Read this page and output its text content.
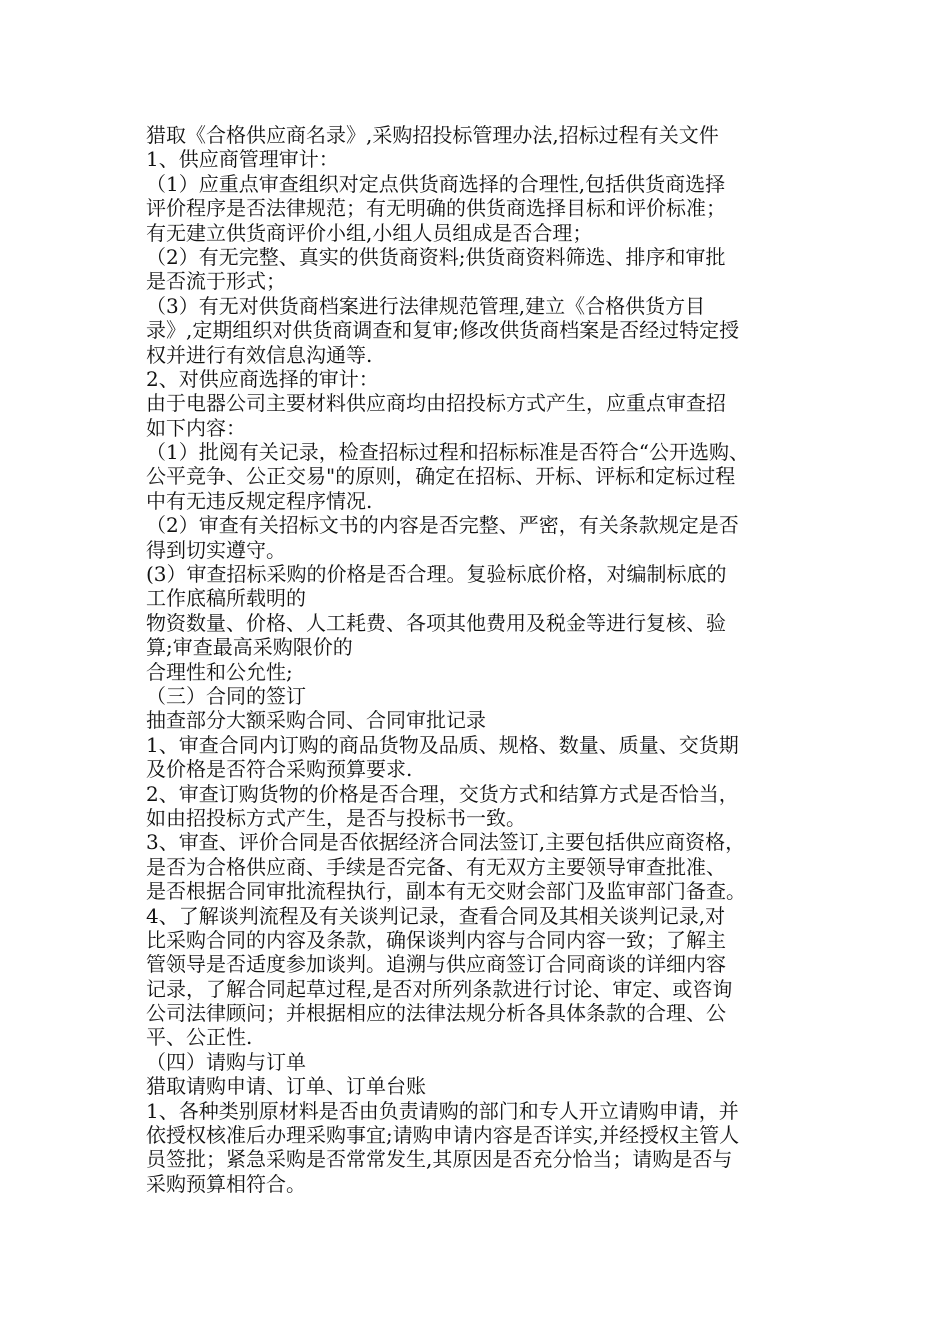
猎取《合格供应商名录》,采购招投标管理办法,招标过程有关文件
1、供应商管理审计：
（1）应重点审查组织对定点供货商选择的合理性,包括供货商选择
评价程序是否法律规范；有无明确的供货商选择目标和评价标准；
有无建立供货商评价小组,小组人员组成是否合理；
（2）有无完整、真实的供货商资料;供货商资料筛选、排序和审批
是否流于形式；
（3）有无对供货商档案进行法律规范管理,建立《合格供货方目
录》,定期组织对供货商调查和复审;修改供货商档案是否经过特定授
权并进行有效信息沟通等.
2、对供应商选择的审计：
由于电器公司主要材料供应商均由招投标方式产生，应重点审查招
如下内容：
（1）批阅有关记录，检查招标过程和招标标准是否符合“公开选购、
公平竞争、公正交易"的原则，确定在招标、开标、评标和定标过程
中有无违反规定程序情况.
（2）审查有关招标文书的内容是否完整、严密，有关条款规定是否
得到切实遵守。
(3）审查招标采购的价格是否合理。复验标底价格，对编制标底的
工作底稿所载明的
物资数量、价格、人工耗费、各项其他费用及税金等进行复核、验
算;审查最高采购限价的
合理性和公允性;
（三）合同的签订
抽查部分大额采购合同、合同审批记录
1、审查合同内订购的商品货物及品质、规格、数量、质量、交货期
及价格是否符合采购预算要求.
2、审查订购货物的价格是否合理，交货方式和结算方式是否恰当，
如由招投标方式产生，是否与投标书一致。
3、审查、评价合同是否依据经济合同法签订,主要包括供应商资格，
是否为合格供应商、手续是否完备、有无双方主要领导审查批准、
是否根据合同审批流程执行，副本有无交财会部门及监审部门备查。
4、了解谈判流程及有关谈判记录，查看合同及其相关谈判记录,对
比采购合同的内容及条款，确保谈判内容与合同内容一致；了解主
管领导是否适度参加谈判。追溯与供应商签订合同商谈的详细内容
记录，了解合同起草过程,是否对所列条款进行讨论、审定、或咨询
公司法律顾问；并根据相应的法律法规分析各具体条款的合理、公
平、公正性.
（四）请购与订单
猎取请购申请、订单、订单台账
1、各种类别原材料是否由负责请购的部门和专人开立请购申请，并
依授权核准后办理采购事宜;请购申请内容是否详实,并经授权主管人
员签批；紧急采购是否常常发生,其原因是否充分恰当；请购是否与
采购预算相符合。
